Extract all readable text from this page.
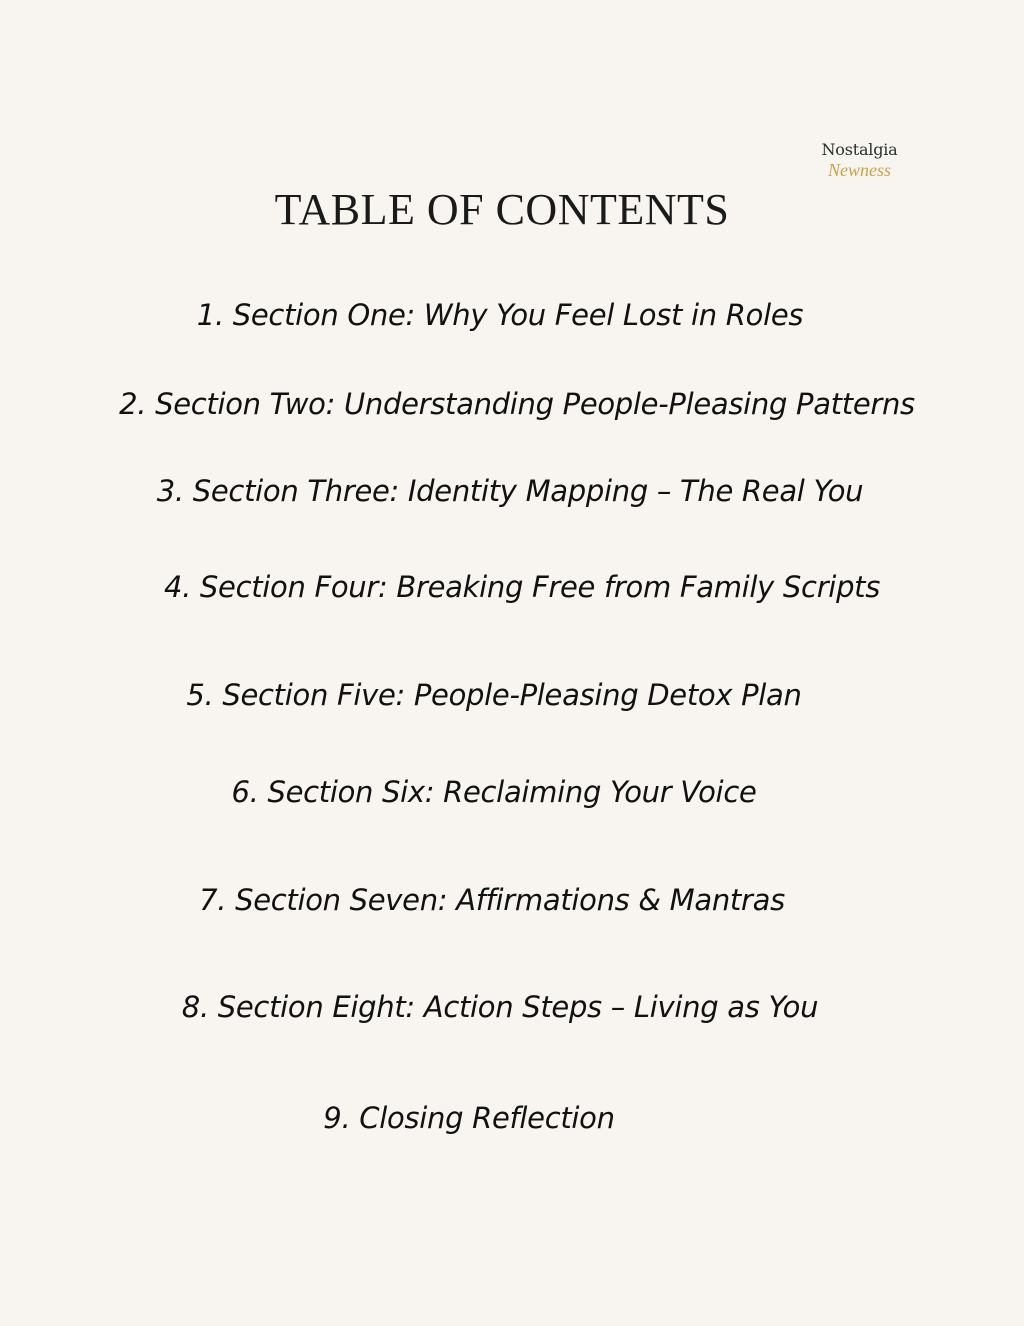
Nostalgia
Newness
TABLE OF CONTENTS
1. Section One: Why You Feel Lost in Roles
2. Section Two: Understanding People-Pleasing Patterns
3. Section Three: Identity Mapping – The Real You
4. Section Four: Breaking Free from Family Scripts
5. Section Five: People-Pleasing Detox Plan
6. Section Six: Reclaiming Your Voice
7. Section Seven: Affirmations & Mantras
8. Section Eight: Action Steps – Living as You
9. Closing Reflection
